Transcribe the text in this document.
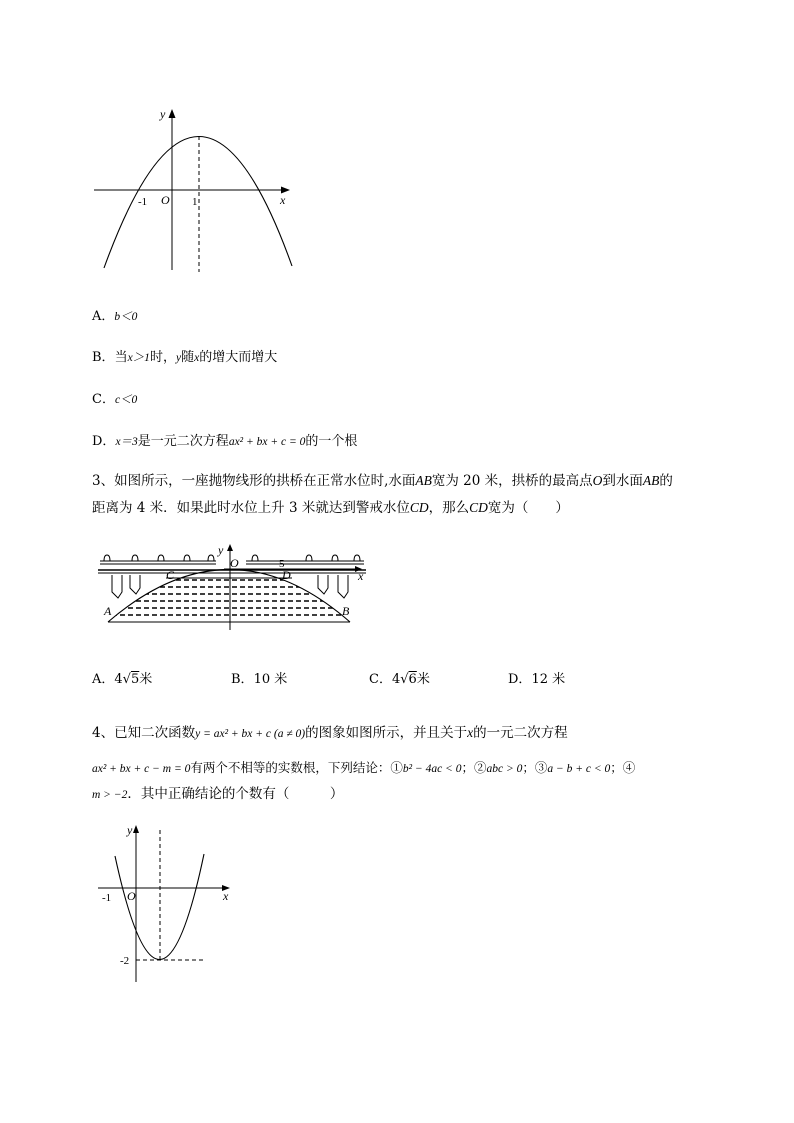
y
x
O
-1	1
A．b＜0
B．当x＞1时，y随x的增大而增大
C．c＜0
D．x＝3是一元二次方程ax² + bx + c = 0的一个根
3、如图所示，一座抛物线形的拱桥在正常水位时,水面AB宽为 20 米，拱桥的最高点O到水面AB的
距离为 4 米．如果此时水位上升 3 米就达到警戒水位CD，那么CD宽为（　　）
y
O	5
x
C	D
A	B
A．4√5米	B．10 米	C．4√6米	D．12 米
4、已知二次函数y = ax² + bx + c (a ≠ 0)的图象如图所示，并且关于x的一元二次方程
ax² + bx + c − m = 0有两个不相等的实数根，下列结论：①b² − 4ac < 0；②abc > 0；③a − b + c < 0；④
m > −2．其中正确结论的个数有（　　　）
y
x
O
-1
-2
